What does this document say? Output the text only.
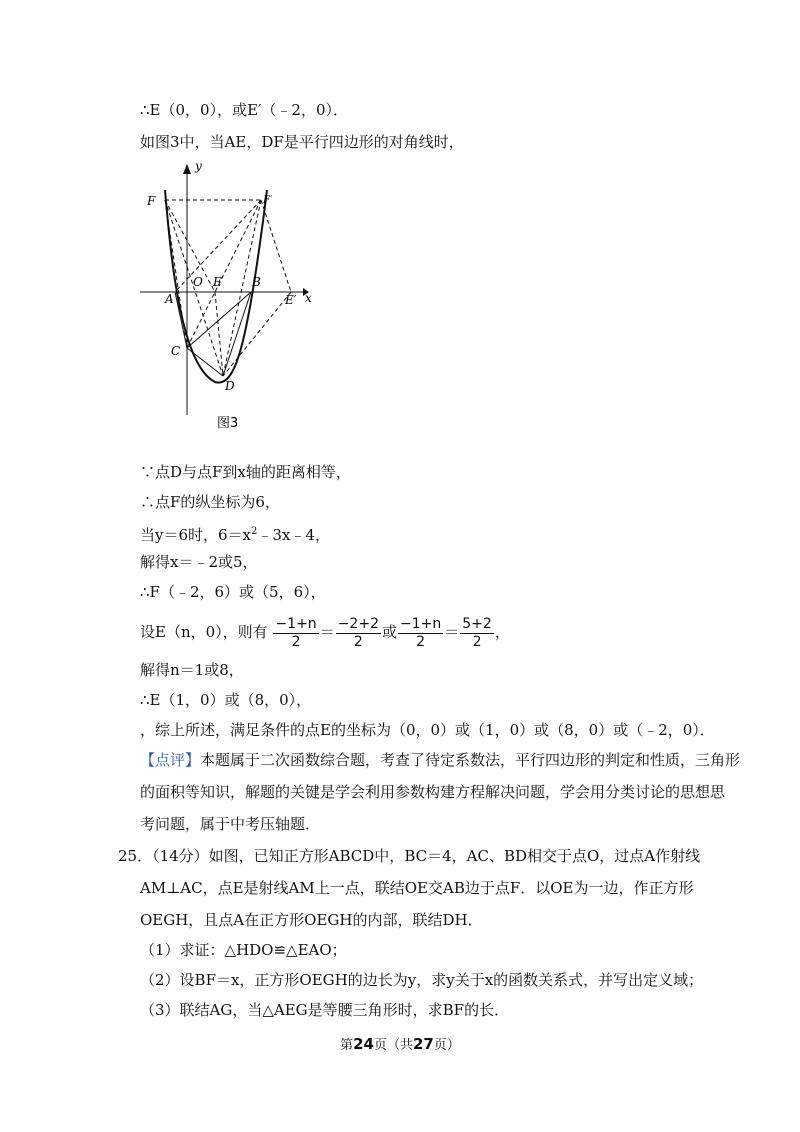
∴E（0，0），或E′（﹣2，0）．
如图3中，当AE，DF是平行四边形的对角线时，
y
x
F	F′
O E	B
A	E′
C
D
图3
∵点D与点F到x轴的距离相等，
∴点F的纵坐标为6，
当y＝6时，$6=x^2﹣3x﹣4$，
解得x＝﹣2或5，
∴F（﹣2，6）或（5，6），
设E（n，0），则有 $\frac{-1+n}{2} = \frac{-2+2}{2}$ 或 $\frac{-1+n}{2} = \frac{5+2}{2}$ ，
解得n＝1或8，
∴E（1，0）或（8，0），
，综上所述，满足条件的点E的坐标为（0，0）或（1，0）或（8，0）或（﹣2，0）．
【点评】本题属于二次函数综合题，考查了待定系数法，平行四边形的判定和性质，三角形
的面积等知识，解题的关键是学会利用参数构建方程解决问题，学会用分类讨论的思想思
考问题，属于中考压轴题．
25．（14分）如图，已知正方形ABCD中，BC＝4，AC、BD相交于点O，过点A作射线
AM⊥AC，点E是射线AM上一点，联结OE交AB边于点F．以OE为一边，作正方形
OEGH，且点A在正方形OEGH的内部，联结DH．
（1）求证：△HDO≌△EAO；
（2）设BF＝x，正方形OEGH的边长为y，求y关于x的函数关系式，并写出定义域；
（3）联结AG，当△AEG是等腰三角形时，求BF的长．
第24页（共27页）
